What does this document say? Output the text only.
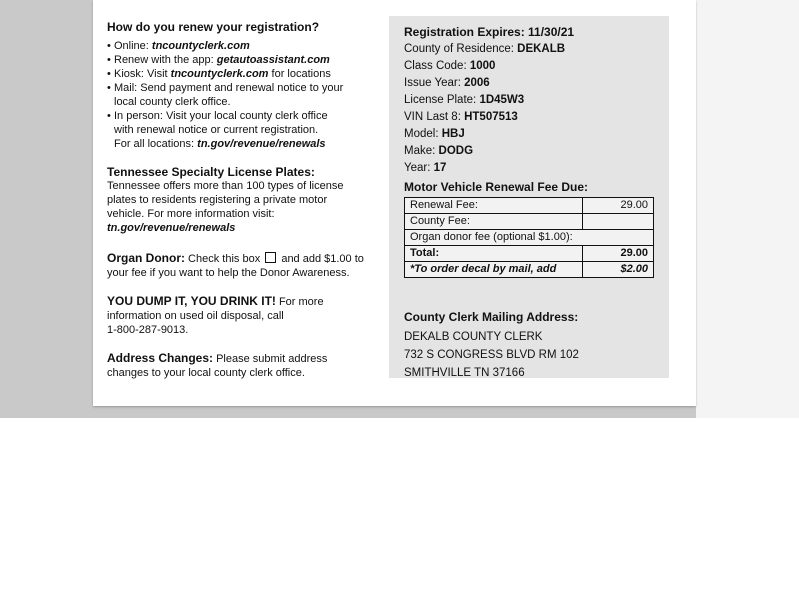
How do you renew your registration?
• Online: tncountyclerk.com
• Renew with the app: getautoassistant.com
• Kiosk: Visit tncountyclerk.com for locations
• Mail: Send payment and renewal notice to your
local county clerk office.
• In person: Visit your local county clerk office
with renewal notice or current registration.
For all locations: tn.gov/revenue/renewals
Tennessee Specialty License Plates:
Tennessee offers more than 100 types of license
plates to residents registering a private motor
vehicle. For more information visit:
tn.gov/revenue/renewals
Organ Donor: Check this box  and add $1.00 to
your fee if you want to help the Donor Awareness.
YOU DUMP IT, YOU DRINK IT! For more
information on used oil disposal, call
1-800-287-9013.
Address Changes: Please submit address
changes to your local county clerk office.
Registration Expires: 11/30/21
County of Residence: DEKALB
Class Code: 1000
Issue Year: 2006
License Plate: 1D45W3
VIN Last 8: HT507513
Model: HBJ
Make: DODG
Year: 17
Motor Vehicle Renewal Fee Due:
Renewal Fee:	29.00
County Fee:	
Organ donor fee (optional $1.00):	
Total:	29.00
*To order decal by mail, add	$2.00
County Clerk Mailing Address:
DEKALB COUNTY CLERK
732 S CONGRESS BLVD RM 102
SMITHVILLE TN 37166
